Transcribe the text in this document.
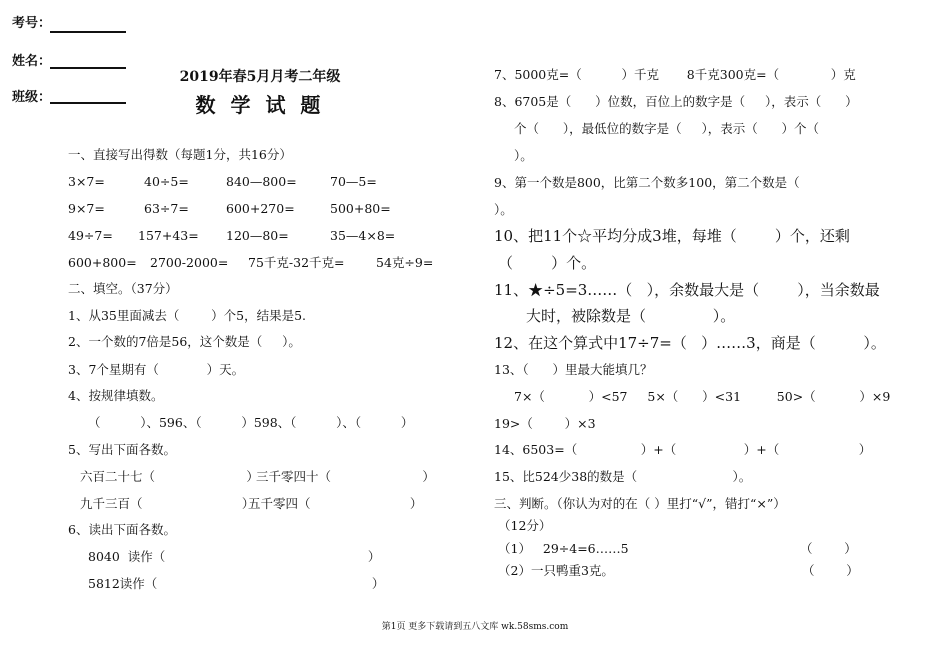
考号：
姓名：
班级：
2019年春5月月考二年级
数 学 试 题
一、直接写出得数（每题1分，共16分）
3×7=	40÷5=	840—800=	70—5=
9×7=	63÷7=	600+270=	500+80=
49÷7= 157+43= 120—80=	35—4×8=
600+800= 2700-2000= 75千克-32千克=	54克÷9=
二、填空。（37分）
1、从35里面减去（        ）个5，结果是5.
2、一个数的7倍是56，这个数是（     ）。
3、7个星期有（            ）天。
4、按规律填数。
（          ）、596、（          ）598、（          ）、（          ）
5、写出下面各数。
六百二十七（                       ）
三千零四十（                       ）
九千三百（                         ）
五千零四（                         ）
6、读出下面各数。
8040  读作（                                                   ）
5812读作（                                                      ）
7、5000克=（          ）千克       8千克300克=（             ）克
8、6705是（      ）位数，百位上的数字是（     ），表示（      ）
个（      ），最低位的数字是（     ），表示（      ）个（
）。
9、第一个数是800，比第二个数多100，第二个数是（
）。
10、把11个☆平均分成3堆，每堆（        ）个，还剩
（        ）个。
11、★÷5=3……（   ），余数最大是（        ），当余数最
大时，被除数是（              ）。
12、在这个算式中17÷7=（   ）……3，商是（          ）。
13、（      ）里最大能填几？
7×（           ）<57     5×（      ）<31         50>（           ）×9
19>（        ）×3
14、6503=（                ）+（                 ）+（                    ）
15、比524少38的数是（                        ）。
三、判断。（你认为对的在（ ）里打“√”，错打“×”）
（12分）
（1）   29÷4=6……5	（        ）
（2）一只鸭重3克。	（        ）
第1页 更多下载请到五八文库 wk.58sms.com
